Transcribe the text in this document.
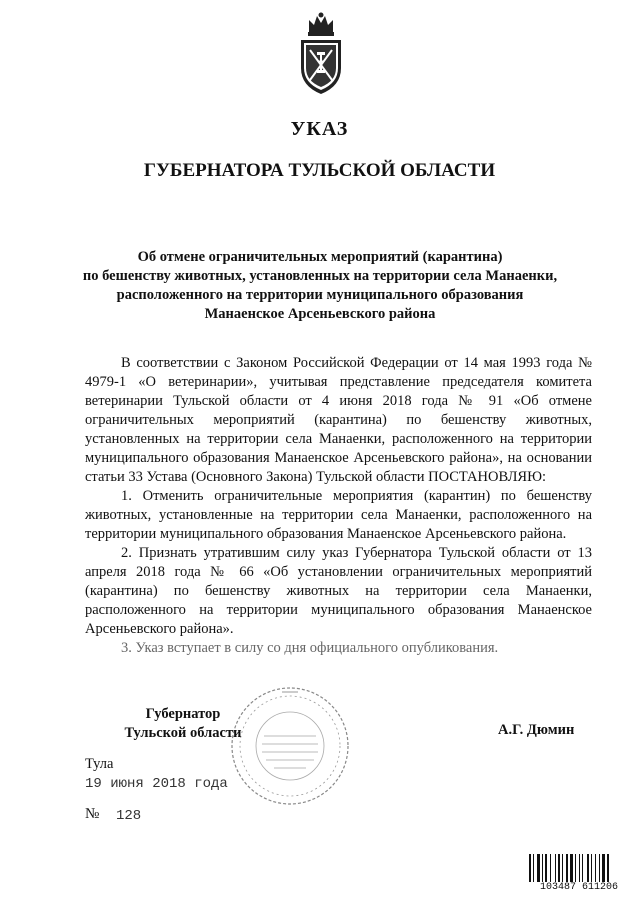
УКАЗ
ГУБЕРНАТОРА ТУЛЬСКОЙ ОБЛАСТИ
Об отмене ограничительных мероприятий (карантина)
по бешенству животных, установленных на территории села Манаенки,
расположенного на территории муниципального образования
Манаенское Арсеньевского района
В соответствии с Законом Российской Федерации от 14 мая 1993 года № 4979-1 «О ветеринарии», учитывая представление председателя комитета ветеринарии Тульской области от 4 июня 2018 года № 91 «Об отмене ограничительных мероприятий (карантина) по бешенству животных, установленных на территории села Манаенки, расположенного на территории муниципального образования Манаенское Арсеньевского района», на основании статьи 33 Устава (Основного Закона) Тульской области ПОСТАНОВЛЯЮ:
1. Отменить ограничительные мероприятия (карантин) по бешенству животных, установленные на территории села Манаенки, расположенного на территории муниципального образования Манаенское Арсеньевского района.
2. Признать утратившим силу указ Губернатора Тульской области от 13 апреля 2018 года № 66 «Об установлении ограничительных мероприятий (карантина) по бешенству животных на территории села Манаенки, расположенного на территории муниципального образования Манаенское Арсеньевского района».
3. Указ вступает в силу со дня официального опубликования.
Губернатор
Тульской области	А.Г. Дюмин
Тула
19 июня 2018 года
№ 128
103487 611206
